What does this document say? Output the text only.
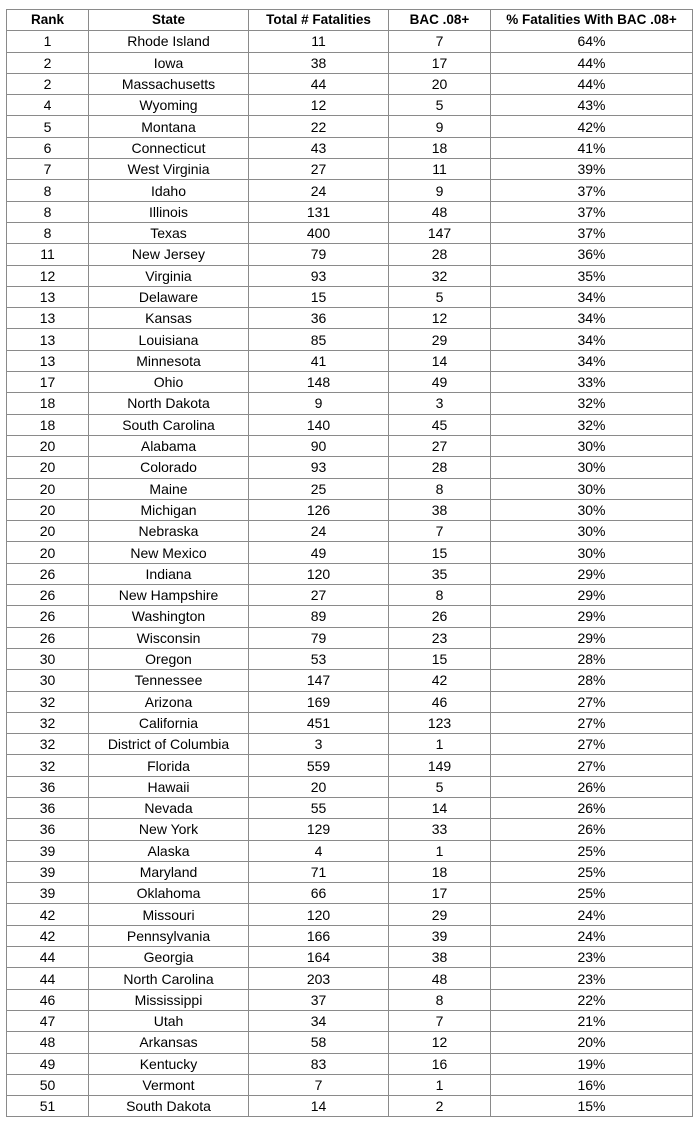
Rank	State	Total # Fatalities	BAC .08+	% Fatalities With BAC .08+
1	Rhode Island	11	7	64%
2	Iowa	38	17	44%
2	Massachusetts	44	20	44%
4	Wyoming	12	5	43%
5	Montana	22	9	42%
6	Connecticut	43	18	41%
7	West Virginia	27	11	39%
8	Idaho	24	9	37%
8	Illinois	131	48	37%
8	Texas	400	147	37%
11	New Jersey	79	28	36%
12	Virginia	93	32	35%
13	Delaware	15	5	34%
13	Kansas	36	12	34%
13	Louisiana	85	29	34%
13	Minnesota	41	14	34%
17	Ohio	148	49	33%
18	North Dakota	9	3	32%
18	South Carolina	140	45	32%
20	Alabama	90	27	30%
20	Colorado	93	28	30%
20	Maine	25	8	30%
20	Michigan	126	38	30%
20	Nebraska	24	7	30%
20	New Mexico	49	15	30%
26	Indiana	120	35	29%
26	New Hampshire	27	8	29%
26	Washington	89	26	29%
26	Wisconsin	79	23	29%
30	Oregon	53	15	28%
30	Tennessee	147	42	28%
32	Arizona	169	46	27%
32	California	451	123	27%
32	District of Columbia	3	1	27%
32	Florida	559	149	27%
36	Hawaii	20	5	26%
36	Nevada	55	14	26%
36	New York	129	33	26%
39	Alaska	4	1	25%
39	Maryland	71	18	25%
39	Oklahoma	66	17	25%
42	Missouri	120	29	24%
42	Pennsylvania	166	39	24%
44	Georgia	164	38	23%
44	North Carolina	203	48	23%
46	Mississippi	37	8	22%
47	Utah	34	7	21%
48	Arkansas	58	12	20%
49	Kentucky	83	16	19%
50	Vermont	7	1	16%
51	South Dakota	14	2	15%
